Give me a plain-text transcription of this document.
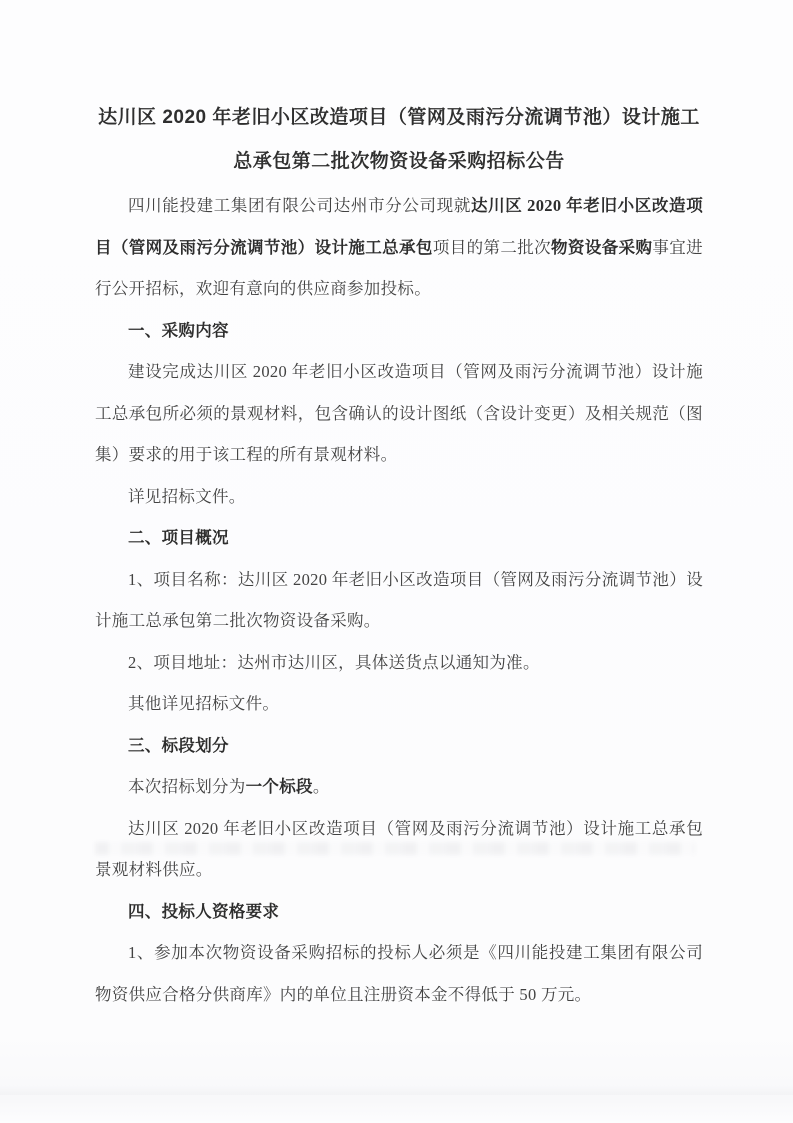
达川区 2020 年老旧小区改造项目（管网及雨污分流调节池）设计施工总承包第二批次物资设备采购招标公告

四川能投建工集团有限公司达州市分公司现就达川区 2020 年老旧小区改造项目（管网及雨污分流调节池）设计施工总承包项目的第二批次物资设备采购事宜进行公开招标，欢迎有意向的供应商参加投标。

一、采购内容

建设完成达川区 2020 年老旧小区改造项目（管网及雨污分流调节池）设计施工总承包所必须的景观材料，包含确认的设计图纸（含设计变更）及相关规范（图集）要求的用于该工程的所有景观材料。

详见招标文件。

二、项目概况

1、项目名称：达川区 2020 年老旧小区改造项目（管网及雨污分流调节池）设计施工总承包第二批次物资设备采购。

2、项目地址：达州市达川区，具体送货点以通知为准。

其他详见招标文件。

三、标段划分

本次招标划分为一个标段。

达川区 2020 年老旧小区改造项目（管网及雨污分流调节池）设计施工总承包景观材料供应。

四、投标人资格要求

1、参加本次物资设备采购招标的投标人必须是《四川能投建工集团有限公司物资供应合格分供商库》内的单位且注册资本金不得低于 50 万元。
